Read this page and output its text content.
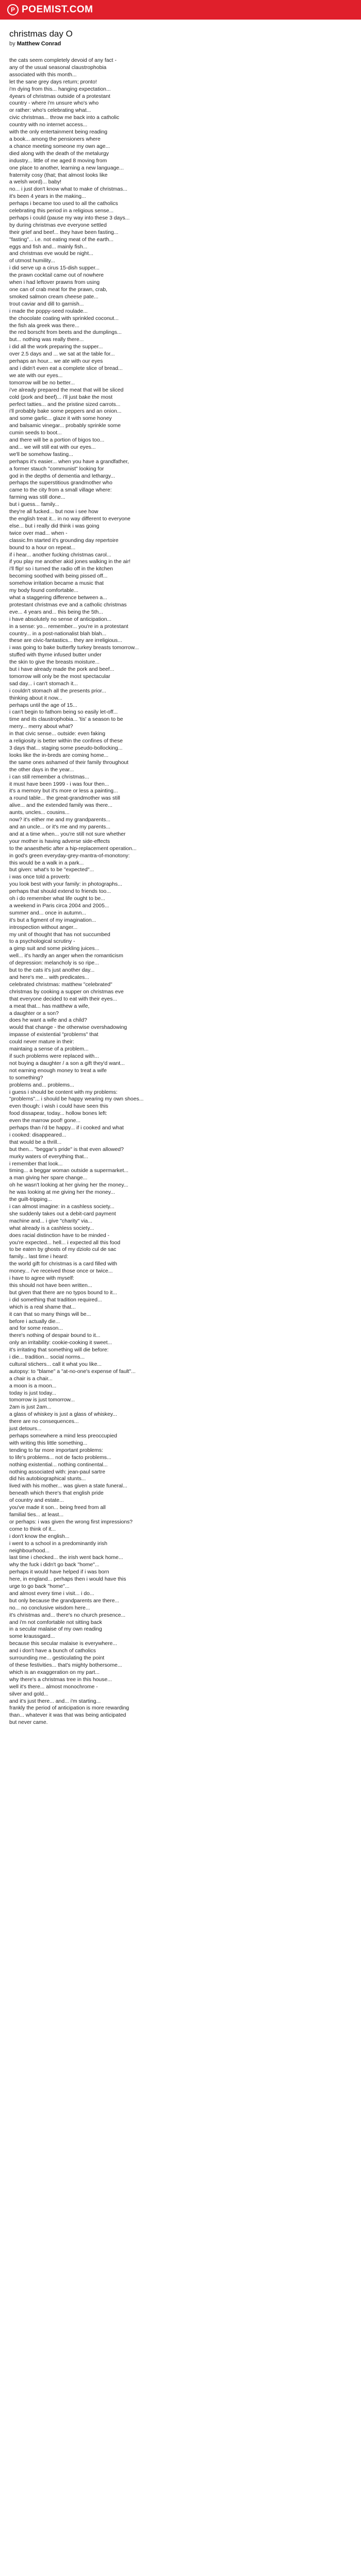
P POEMIST.COM
christmas day O
by Matthew Conrad
the cats seem completely devoid of any fact -
any of the usual seasonal claustrophobia
associated with this month...
let the sane grey days return; pronto!
i'm dying from this... hanging expectation...
4years of christmas outside of a protestant
country - where i'm unsure who's who
or rather: who's celebrating what...
civic christmas... throw me back into a catholic
country with no internet access...
with the only entertainment being reading
a book... among the pensioners where
a chance meeting someone my own age...
died along with the death of the metalurgy
industry... little of me aged 8 moving from
one place to another, learning a new language...
fraternity cosy (that; that almost looks like
a welsh word)... baby!
no... i just don't know what to make of christmas...
it's been 4 years in the making...
perhaps i became too used to all the catholics
celebrating this period in a religious sense...
perhaps i could (pause my way into these 3 days...
by during christmas eve everyone settled
their grief and beef... they have been fasting...
"fasting"... i.e. not eating meat of the earth...
eggs and fish and... mainly fish...
and christmas eve would be night...
of utmost humility...
i did serve up a cirus 15-dish supper...
the prawn cocktail came out of nowhere
when i had leftover prawns from using
one can of crab meat for the prawn, crab,
smoked salmon cream cheese pate...
trout caviar and dill to garnish...
i made the poppy-seed roulade...
the chocolate coating with sprinkled coconut...
the fish ala greek was there...
the red borscht from beets and the dumplings...
but... nothing was really there...
i did all the work preparing the supper...
over 2.5 days and ... we sat at the table for...
perhaps an hour... we ate with our eyes
and i didn't even eat a complete slice of bread...
we ate with our eyes...
tomorrow will be no better...
i've already prepared the meat that will be sliced
cold (pork and beef)... i'll just bake the most
perfect tatties... and the pristine sized carrots...
i'll probably bake some peppers and an onion...
and some garlic... glaze it with some honey
and balsamic vinegar... probably sprinkle some
cumin seeds to boot...
and there will be a portion of bigos too...
and... we will still eat with our eyes...
we'll be somehow fasting...
perhaps it's easier... when you have a grandfather,
a former stauch "communist" looking for
god in the depths of dementia and lethargy...
perhaps the superstitious grandmother who
came to the city from a small village where:
farming was still done...
but i guess... family...
they're all fucked... but now i see how
the english treat it... in no way different to everyone
else... but i really did think i was going
twice over mad... when -
classic.fm started it's grounding day repertoire
bound to a hour on repeat...
if i hear... another fucking christmas carol...
if you play me another akid jones walking in the air!
i'll flip! so i turned the radio off in the kitchen
becoming soothed with being pissed off...
somehow irritation became a music that
my body found comfortable...
what a staggering difference between a...
protestant christmas eve and a catholic christmas
eve... 4 years and... this being the 5th...
i have absolutely no sense of anticipation...
in a sense: yo... remember... you're in a protestant
country... in a post-nationalist blah blah...
these are civic-fantastics... they are irreligious...
i was going to bake butterfly turkey breasts tomorrow...
stuffed with thyme infused butter under
the skin to give the breasts moisture...
but i have already made the pork and beef...
tomorrow will only be the most spectacular
sad day... i can't stomach it...
i couldn't stomach all the presents prior...
thinking about it now...
perhaps until the age of 15...
i can't begin to fathom being so easily let-off...
time and its claustrophobia... 'tis' a season to be
merry... merry about what?
in that civic sense... outside: even faking
a religiosity is better within the confines of these
3 days that... staging some pseudo-bollocking...
looks like the in-breds are coming home...
the same ones ashamed of their family throughout
the other days in the year...
i can still remember a christmas...
it must have been 1999 - i was four then...
it's a memory but it's more or less a painting...
a round table... the great-grandmother was still
alive... and the extended family was there...
aunts, uncles... cousins...
now? it's either me and my grandparents...
and an uncle... or it's me and my parents...
and at a time when... you're still not sure whether
your mother is having adverse side-effects
to the anaesthetic after a hip-replacement operation...
in god's green everyday-grey-mantra-of-monotony:
this would be a walk in a park...
but given: what's to be "expected"...
i was once told a proverb:
you look best with your family: in photographs...
perhaps that should extend to friends too...
oh i do remember what life ought to be...
a weekend in Paris circa 2004 and 2005...
summer and... once in autumn...
it's but a figment of my imagination...
introspection without anger...
my unit of thought that has not succumbed
to a psychological scrutiny -
a gimp suit and some pickling juices...
well... it's hardly an anger when the romanticism
of depression: melancholy is so ripe...
but to the cats it's just another day...
and here's me... with predicates...
celebrated christmas: matthew "celebrated"
christmas by cooking a supper on christmas eve
that everyone decided to eat with their eyes...
a meat that... has matthew a wife,
a daughter or a son?
does he want a wife and a child?
would that change - the otherwise overshadowing
impasse of existential "problems" that
could never mature in their:
maintaing a sense of a problem...
if such problems were replaced with...
not buying a daughter / a son a gift they'd want...
not earning enough money to treat a wife
to something?
problems and... problems...
i guess i should be content with my problems:
"problems"... i should be happy wearing my own shoes...
even though: i wish i could have seen this
food dissapear, today... hollow bones left:
even the marrow poof! gone...
perhaps than i'd be happy... if i cooked and what
i cooked: disappeared...
that would be a thrill...
but then... "beggar's pride" is that even allowed?
murky waters of everything that...
i remember that look...
timing... a beggar woman outside a supermarket...
a man giving her spare change...
oh he wasn't looking at her giving her the money...
he was looking at me giving her the money...
the guilt-tripping...
i can almost imagine: in a cashless society...
she suddenly takes out a debit-card payment
machine and... i give "charity" via...
what already is a cashless society...
does racial distinction have to be minded -
you're expected... hell... i expected all this food
to be eaten by ghosts of my dziolo cul de sac
family... last time i heard:
the world gift for christmas is a card filled with
money... i've received those once or twice...
i have to agree with myself:
this should not have been written...
but given that there are no typos bound to it...
i did something that tradition required...
which is a real shame that...
it can that so many things will be...
before i actually die...
and for some reason...
there's nothing of despair bound to it...
only an irritability: cookie-cooking it sweet...
it's irritating that something will die before:
i die... tradition... social norms...
cultural stichers... call it what you like...
autopsy: to "blame" a "at-no-one's expense of fault"...
a chair is a chair...
a moon is a moon...
today is just today...
tomorrow is just tomorrow...
2am is just 2am...
a glass of whiskey is just a glass of whiskey...
there are no consequences...
just detours...
perhaps somewhere a mind less preoccupied
with writing this little something...
tending to far more important problems:
to life's problems... not de facto problems...
nothing existential... nothing continental...
nothing associated with: jean-paul sartre
did his autobiographical stunts...
lived with his mother... was given a state funeral...
beneath which there's that english pride
of country and estate...
you've made it son... being freed from all
familial ties... at least...
or perhaps: i was given the wrong first impressions?
come to think of it...
i don't know the english...
i went to a school in a predominantly irish
neighbourhood...
last time i checked... the irish went back home...
why the fuck i didn't go back "home"...
perhaps it would have helped if i was born
here, in england... perhaps then i would have this
urge to go back "home"...
and almost every time i visit... i do...
but only because the grandparents are there...
no... no conclusive wisdom here...
it's christmas and... there's no church presence...
and i'm not comfortable not sitting back
in a secular malaise of my own reading
some kraussgard...
because this secular malaise is everywhere...
and i don't have a bunch of catholics
surrounding me... gesticulating the point
of these festivities... that's mighty bothersome...
which is an exaggeration on my part...
why there's a christmas tree in this house...
well it's there... almost monochrome -
silver and gold...
and it's just there... and... i'm starting...
frankly the period of anticipation is more rewarding
than... whatever it was that was being anticipated
but never came.
